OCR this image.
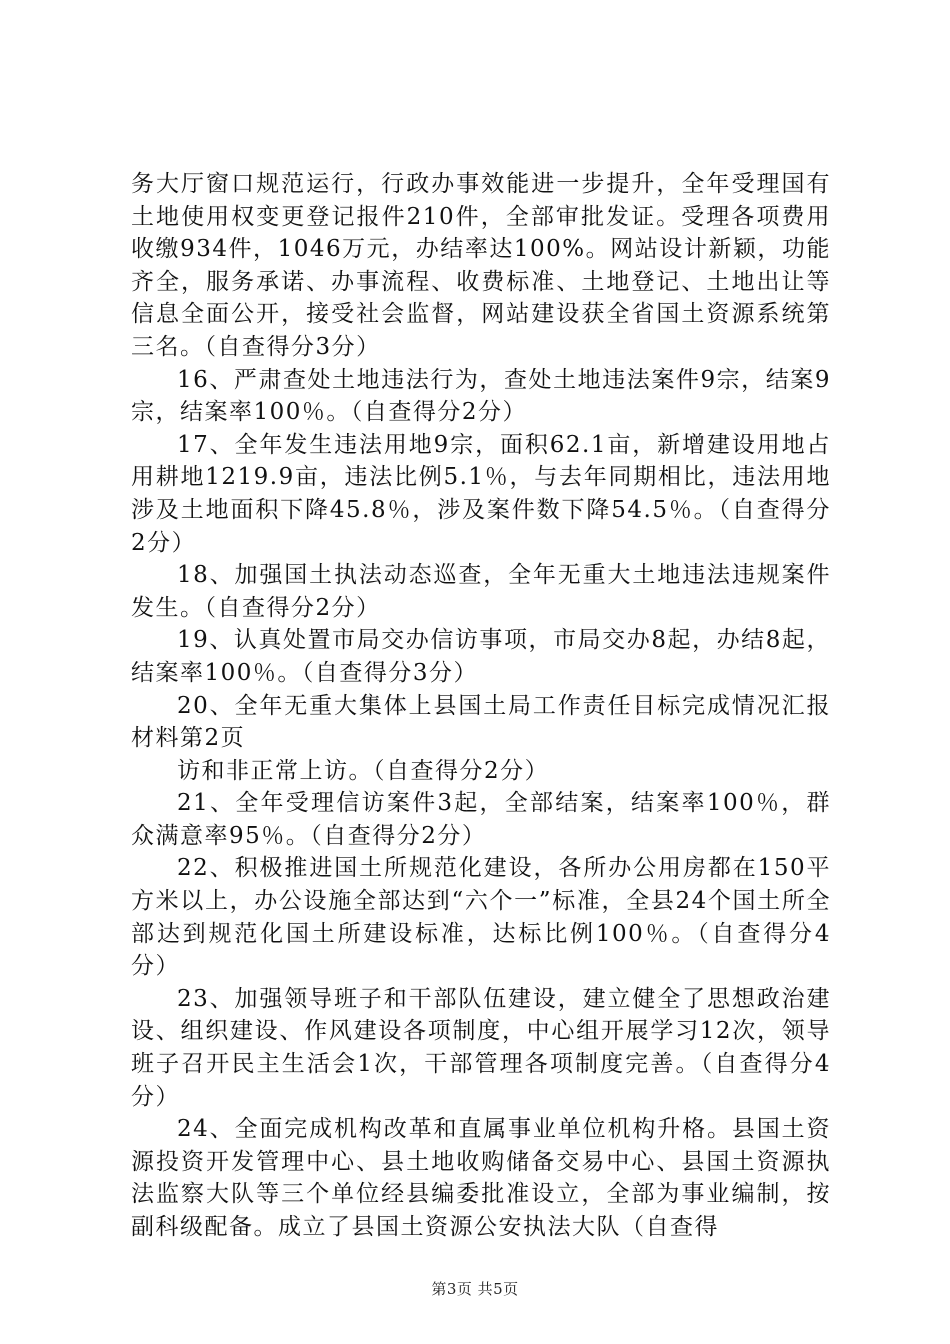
务大厅窗口规范运行，行政办事效能进一步提升，全年受理国有土地使用权变更登记报件210件，全部审批发证。受理各项费用收缴934件，1046万元，办结率达100%。网站设计新颖，功能齐全，服务承诺、办事流程、收费标准、土地登记、土地出让等信息全面公开，接受社会监督，网站建设获全省国土资源系统第三名。（自查得分3分）

16、严肃查处土地违法行为，查处土地违法案件9宗，结案9宗，结案率100％。（自查得分2分）

17、全年发生违法用地9宗，面积62.1亩，新增建设用地占用耕地1219.9亩，违法比例5.1％，与去年同期相比，违法用地涉及土地面积下降45.8％，涉及案件数下降54.5％。（自查得分2分）

18、加强国土执法动态巡查，全年无重大土地违法违规案件发生。（自查得分2分）

19、认真处置市局交办信访事项，市局交办8起，办结8起，结案率100％。（自查得分3分）

20、全年无重大集体上县国土局工作责任目标完成情况汇报材料第2页

访和非正常上访。（自查得分2分）

21、全年受理信访案件3起，全部结案，结案率100％，群众满意率95％。（自查得分2分）

22、积极推进国土所规范化建设，各所办公用房都在150平方米以上，办公设施全部达到“六个一”标准，全县24个国土所全部达到规范化国土所建设标准，达标比例100％。（自查得分4分）

23、加强领导班子和干部队伍建设，建立健全了思想政治建设、组织建设、作风建设各项制度，中心组开展学习12次，领导班子召开民主生活会1次，干部管理各项制度完善。（自查得分4分）

24、全面完成机构改革和直属事业单位机构升格。县国土资源投资开发管理中心、县土地收购储备交易中心、县国土资源执法监察大队等三个单位经县编委批准设立，全部为事业编制，按副科级配备。成立了县国土资源公安执法大队（自查得

第3页 共5页
